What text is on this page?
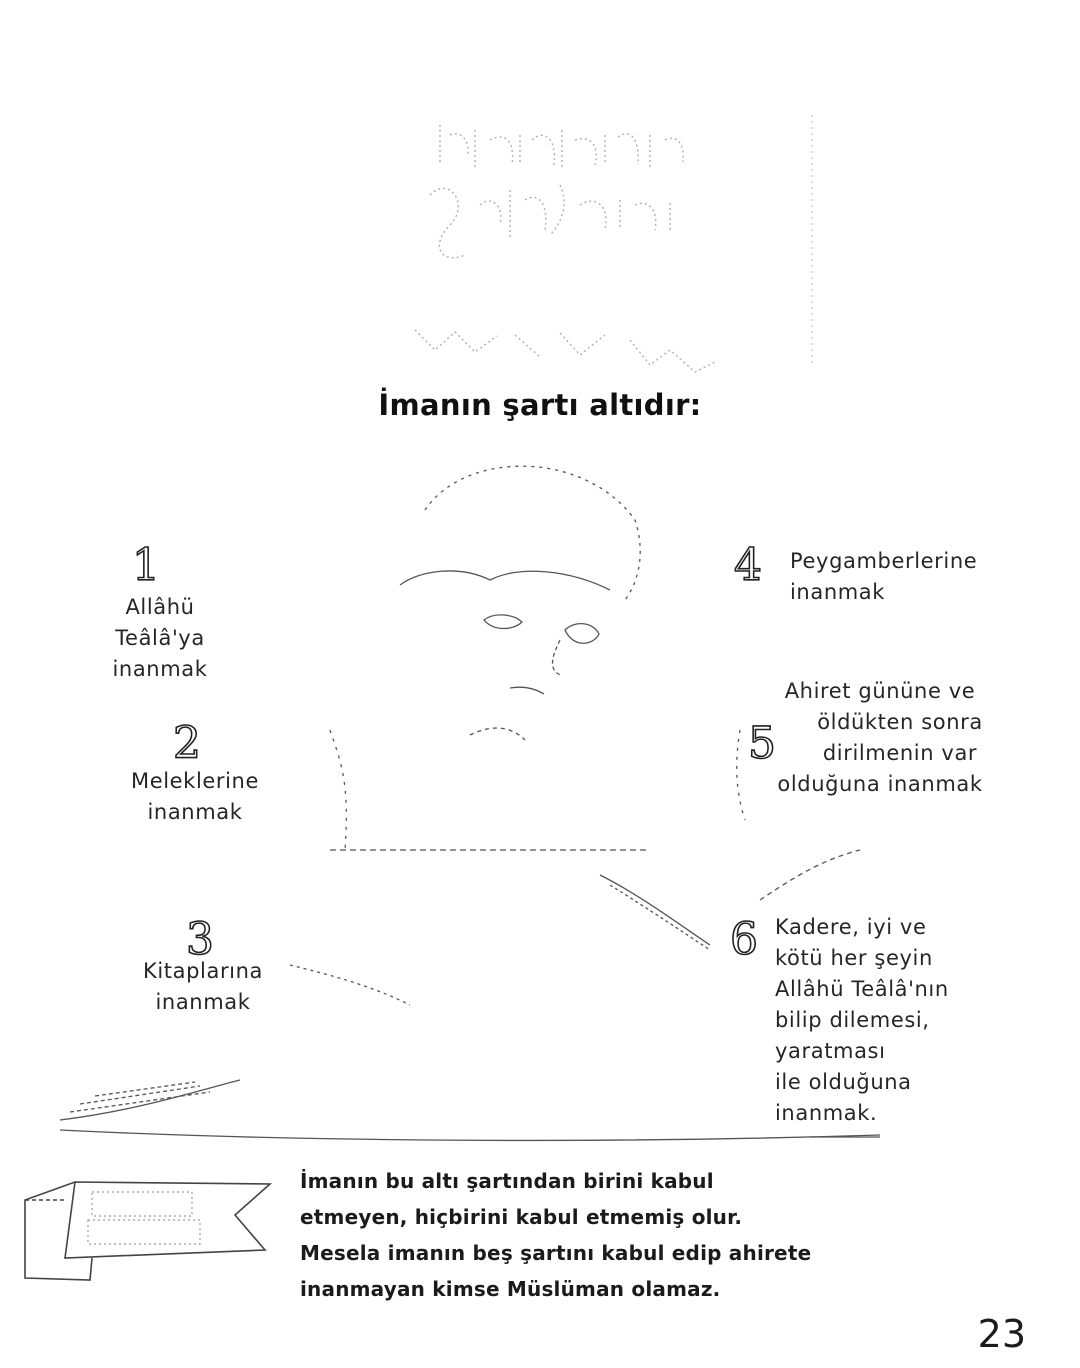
İmanın şartı altıdır:
1
Allâhü
Teâlâ'ya
inanmak
2
Meleklerine
inanmak
3
Kitaplarına
inanmak
4 Peygamberlerine
inanmak
5
Ahiret gününe ve
öldükten sonra
dirilmenin var
olduğuna inanmak
6 Kadere, iyi ve
kötü her şeyin
Allâhü Teâlâ'nın
bilip dilemesi,
yaratması
ile olduğuna
inanmak.
İmanın bu altı şartından birini kabul
etmeyen, hiçbirini kabul etmemiş olur.
Mesela imanın beş şartını kabul edip ahirete
inanmayan kimse Müslüman olamaz.
23
